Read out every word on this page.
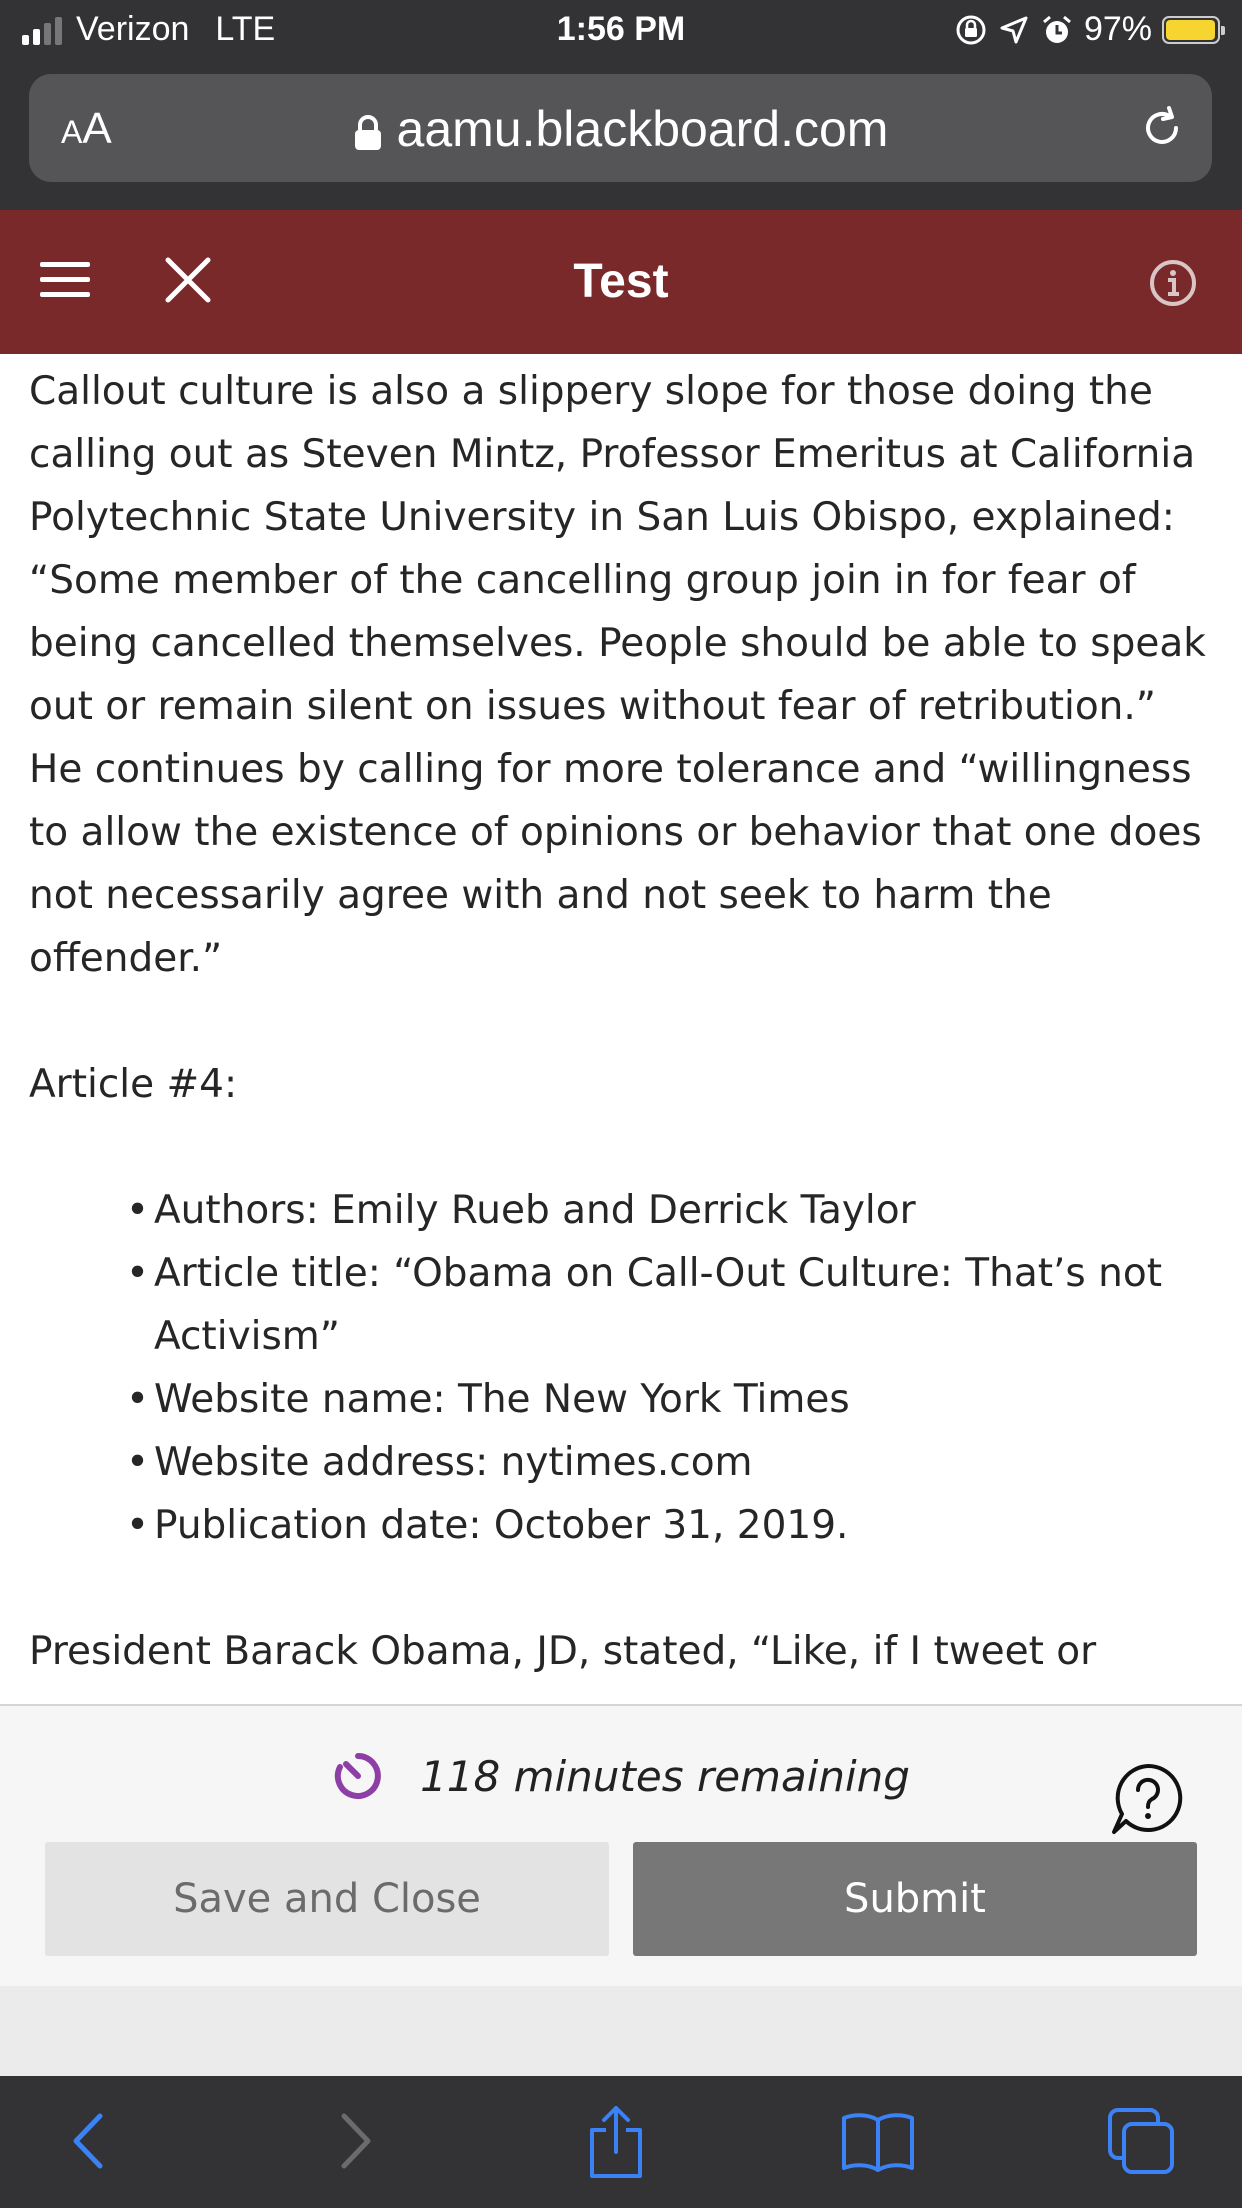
Verizon LTE	1:56 PM	97%
AA	aamu.blackboard.com
Test

Callout culture is also a slippery slope for those doing the calling out as Steven Mintz, Professor Emeritus at California Polytechnic State University in San Luis Obispo, explained: “Some member of the cancelling group join in for fear of being cancelled themselves. People should be able to speak out or remain silent on issues without fear of retribution.” He continues by calling for more tolerance and “willingness to allow the existence of opinions or behavior that one does not necessarily agree with and not seek to harm the offender.”

Article #4:

• Authors: Emily Rueb and Derrick Taylor
• Article title: “Obama on Call-Out Culture: That’s not Activism”
• Website name: The New York Times
• Website address: nytimes.com
• Publication date: October 31, 2019.

President Barack Obama, JD, stated, “Like, if I tweet or

118 minutes remaining
Save and Close	Submit
